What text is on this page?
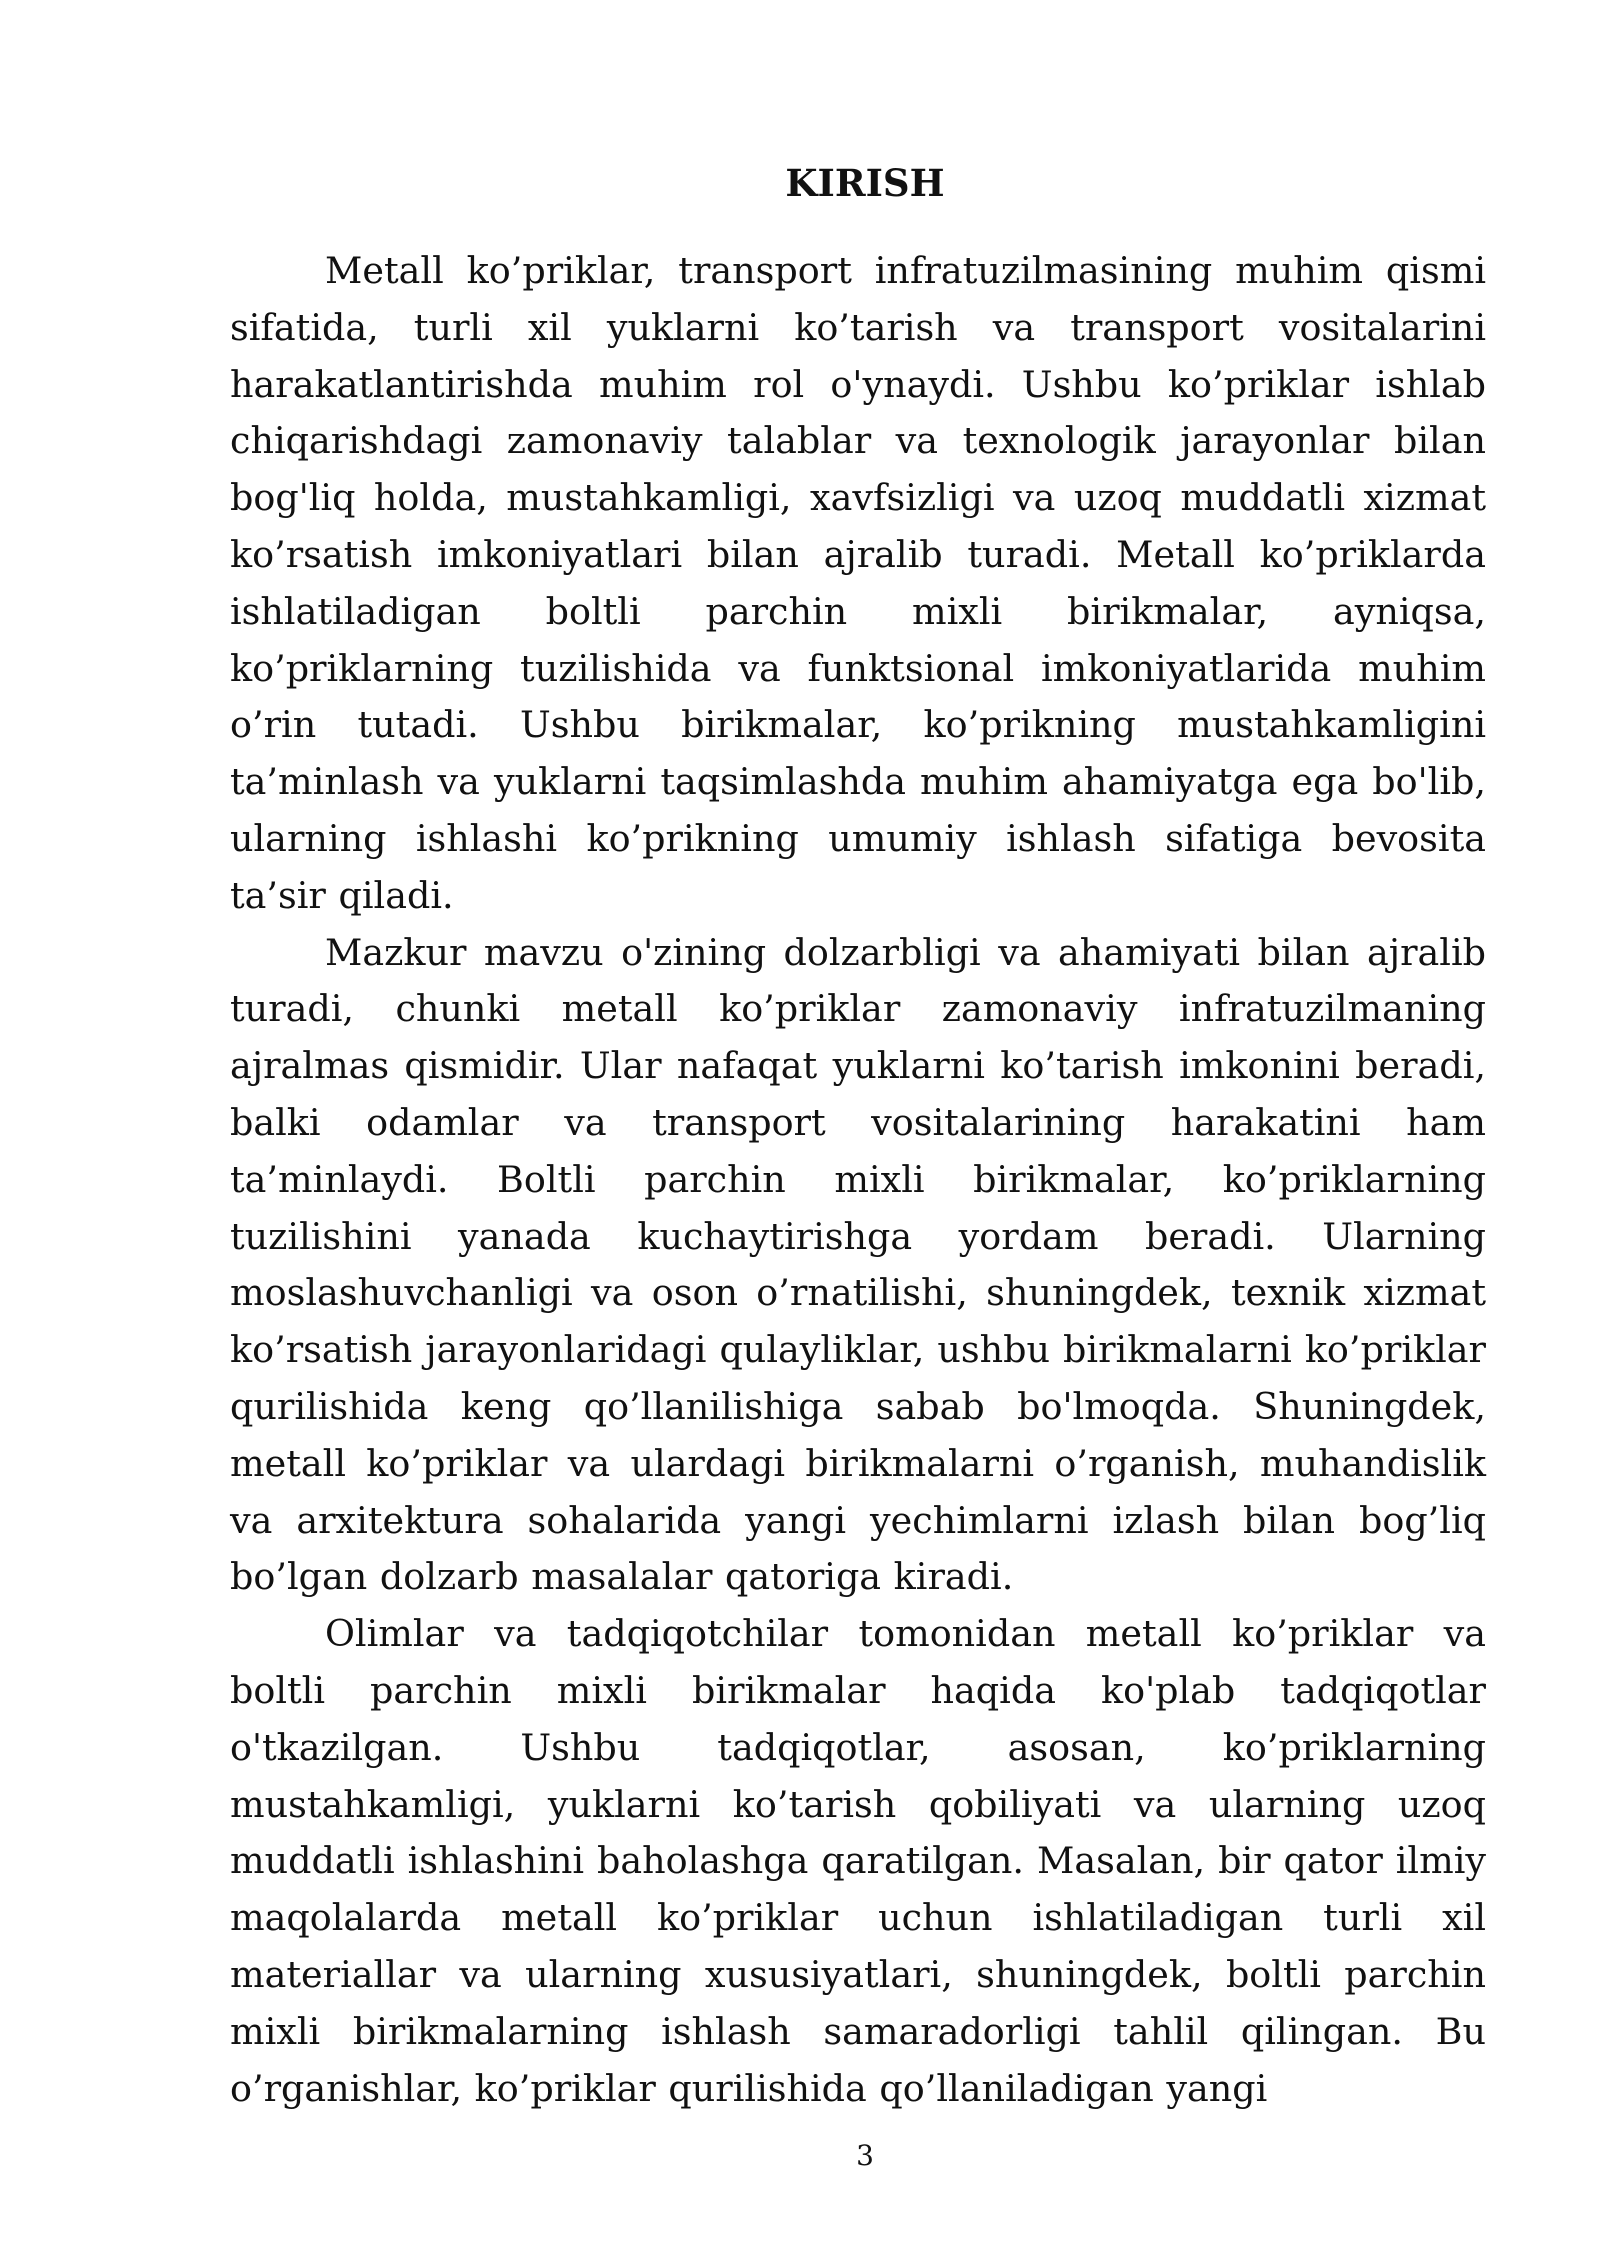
KIRISH

Metall ko’priklar, transport infratuzilmasining muhim qismi sifatida, turli xil yuklarni ko’tarish va transport vositalarini harakatlantirishda muhim rol o'ynaydi. Ushbu ko’priklar ishlab chiqarishdagi zamonaviy talablar va texnologik jarayonlar bilan bog'liq holda, mustahkamligi, xavfsizligi va uzoq muddatli xizmat ko’rsatish imkoniyatlari bilan ajralib turadi. Metall ko’priklarda ishlatiladigan boltli parchin mixli birikmalar, ayniqsa, ko’priklarning tuzilishida va funktsional imkoniyatlarida muhim o’rin tutadi. Ushbu birikmalar, ko’prikning mustahkamligini ta’minlash va yuklarni taqsimlashda muhim ahamiyatga ega bo'lib, ularning ishlashi ko’prikning umumiy ishlash sifatiga bevosita ta’sir qiladi.

Mazkur mavzu o'zining dolzarbligi va ahamiyati bilan ajralib turadi, chunki metall ko’priklar zamonaviy infratuzilmaning ajralmas qismidir. Ular nafaqat yuklarni ko’tarish imkonini beradi, balki odamlar va transport vositalarining harakatini ham ta’minlaydi. Boltli parchin mixli birikmalar, ko’priklarning tuzilishini yanada kuchaytirishga yordam beradi. Ularning moslashuvchanligi va oson o’rnatilishi, shuningdek, texnik xizmat ko’rsatish jarayonlaridagi qulayliklar, ushbu birikmalarni ko’priklar qurilishida keng qo’llanilishiga sabab bo'lmoqda. Shuningdek, metall ko’priklar va ulardagi birikmalarni o’rganish, muhandislik va arxitektura sohalarida yangi yechimlarni izlash bilan bog’liq bo’lgan dolzarb masalalar qatoriga kiradi.

Olimlar va tadqiqotchilar tomonidan metall ko’priklar va boltli parchin mixli birikmalar haqida ko'plab tadqiqotlar o'tkazilgan. Ushbu tadqiqotlar, asosan, ko’priklarning mustahkamligi, yuklarni ko’tarish qobiliyati va ularning uzoq muddatli ishlashini baholashga qaratilgan. Masalan, bir qator ilmiy maqolalarda metall ko’priklar uchun ishlatiladigan turli xil materiallar va ularning xususiyatlari, shuningdek, boltli parchin mixli birikmalarning ishlash samaradorligi tahlil qilingan. Bu o’rganishlar, ko’priklar qurilishida qo’llaniladigan yangi

3
